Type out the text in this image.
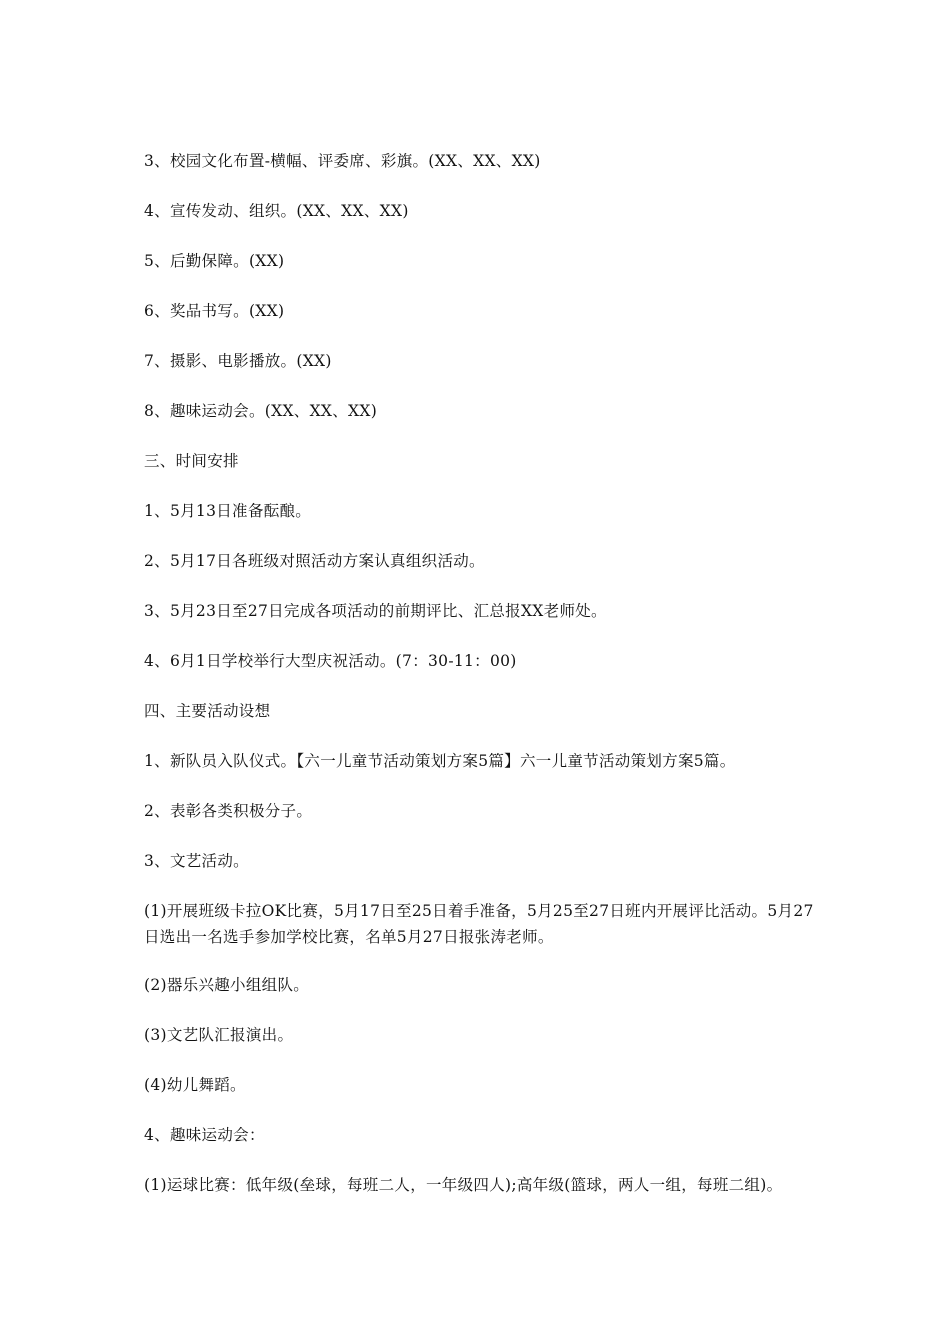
3、校园文化布置-横幅、评委席、彩旗。(XX、XX、XX)

4、宣传发动、组织。(XX、XX、XX)

5、后勤保障。(XX)

6、奖品书写。(XX)

7、摄影、电影播放。(XX)

8、趣味运动会。(XX、XX、XX)

三、时间安排

1、5月13日准备酝酿。

2、5月17日各班级对照活动方案认真组织活动。

3、5月23日至27日完成各项活动的前期评比、汇总报XX老师处。

4、6月1日学校举行大型庆祝活动。(7：30-11：00)

四、主要活动设想

1、新队员入队仪式。【六一儿童节活动策划方案5篇】六一儿童节活动策划方案5篇。

2、表彰各类积极分子。

3、文艺活动。

(1)开展班级卡拉OK比赛，5月17日至25日着手准备，5月25至27日班内开展评比活动。5月27日选出一名选手参加学校比赛，名单5月27日报张涛老师。

(2)器乐兴趣小组组队。

(3)文艺队汇报演出。

(4)幼儿舞蹈。

4、趣味运动会：

(1)运球比赛：低年级(垒球，每班二人，一年级四人);高年级(篮球，两人一组，每班二组)。
